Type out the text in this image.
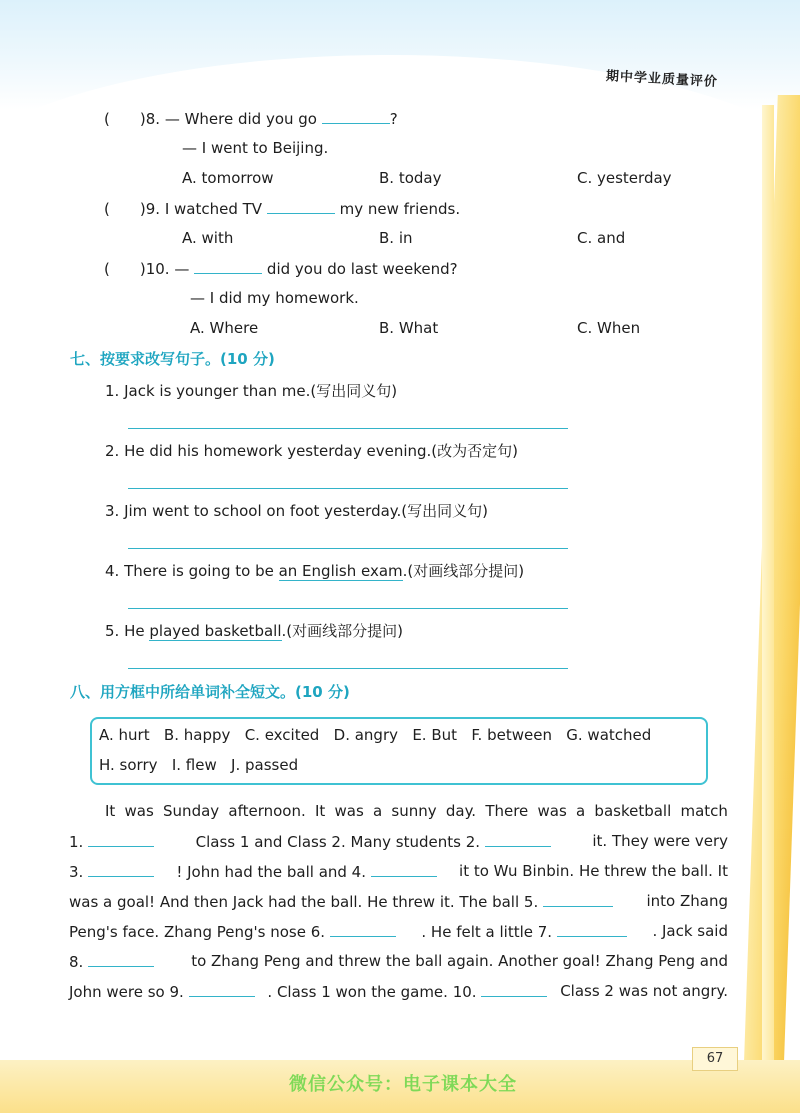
期中学业质量评价
( )8. — Where did you go	?
— I went to Beijing.
A. tomorrow	B. today	C. yesterday
( )9. I watched TV	my new friends.
A. with	B. in	C. and
( )10. —	did you do last weekend?
— I did my homework.
A. Where	B. What	C. When
七、按要求改写句子。(10 分)
1. Jack is younger than me.(写出同义句)
2. He did his homework yesterday evening.(改为否定句)
3. Jim went to school on foot yesterday.(写出同义句)
4. There is going to be an English exam.(对画线部分提问)
5. He played basketball.(对画线部分提问)
八、用方框中所给单词补全短文。(10 分)
A. hurt B. happy C. excited D. angry E. But F. between G. watched
H. sorry I. flew J. passed
It was Sunday afternoon. It was a sunny day. There was a basketball match
1.	Class 1 and Class 2. Many students 2.	it. They were very
3.	! John had the ball and 4.	it to Wu Binbin. He threw the ball. It
was a goal! And then Jack had the ball. He threw it. The ball 5.	into Zhang
Peng's face. Zhang Peng's nose 6.	. He felt a little 7.	. Jack said
8.	to Zhang Peng and threw the ball again. Another goal! Zhang Peng and
John were so 9.	. Class 1 won the game. 10.	Class 2 was not angry.
67
微信公众号：电子课本大全
